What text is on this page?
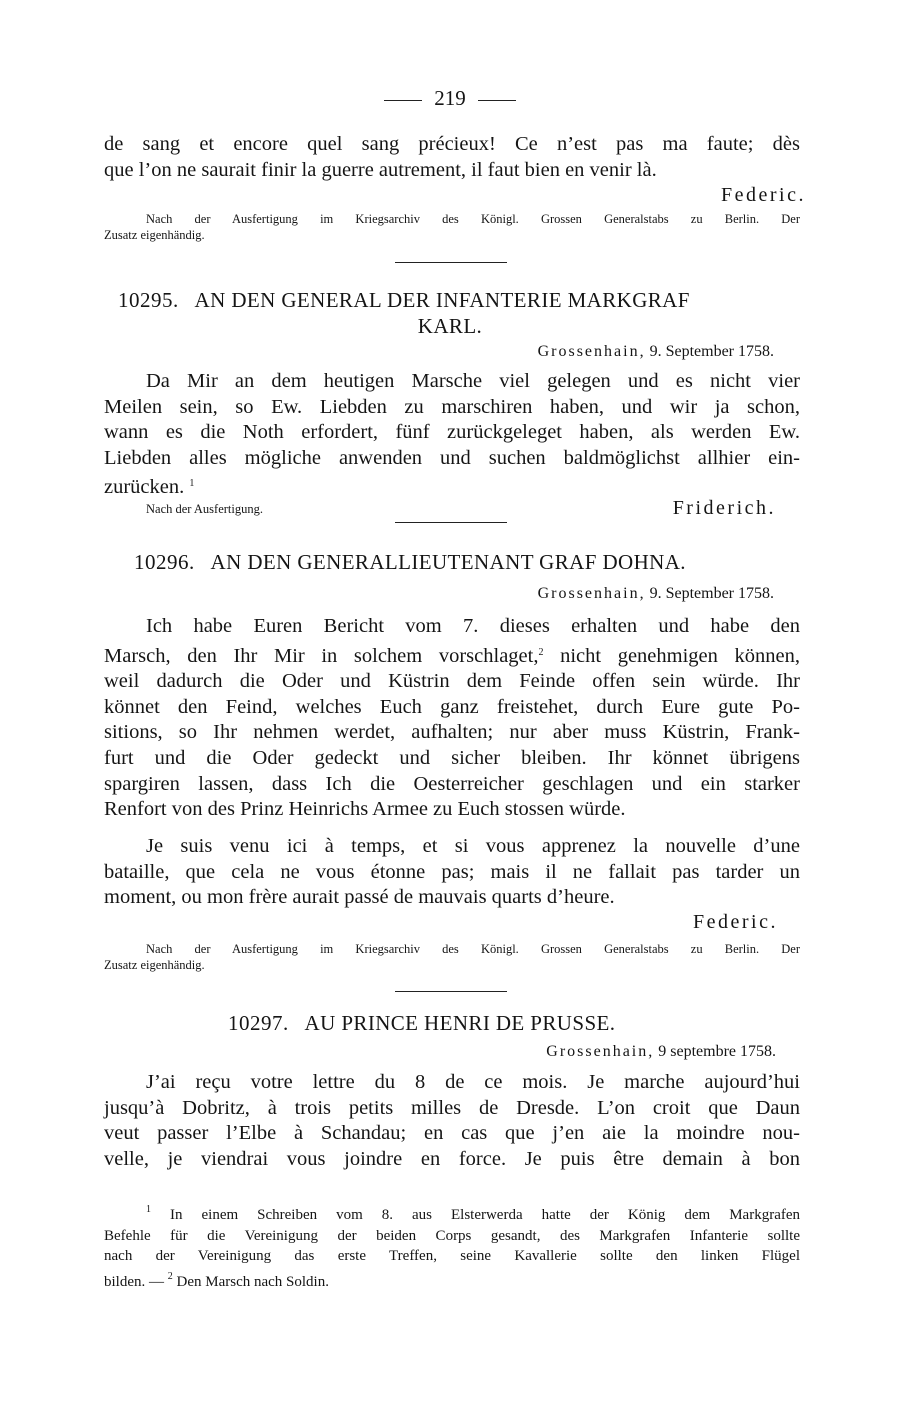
219
de sang et encore quel sang précieux! Ce n’est pas ma faute; dès
que l’on ne saurait finir la guerre autrement, il faut bien en venir là.
Federic.
Nach der Ausfertigung im Kriegsarchiv des Königl. Grossen Generalstabs zu Berlin. Der
Zusatz eigenhändig.
10295. AN DEN GENERAL DER INFANTERIE MARKGRAF
KARL.
Grossenhain, 9. September 1758.
Da Mir an dem heutigen Marsche viel gelegen und es nicht vier
Meilen sein, so Ew. Liebden zu marschiren haben, und wir ja schon,
wann es die Noth erfordert, fünf zurückgeleget haben, als werden Ew.
Liebden alles mögliche anwenden und suchen baldmöglichst allhier ein-
zurücken. $^1$
Nach der Ausfertigung.	Friderich.
10296. AN DEN GENERALLIEUTENANT GRAF DOHNA.
Grossenhain, 9. September 1758.
Ich habe Euren Bericht vom 7. dieses erhalten und habe den
Marsch, den Ihr Mir in solchem vorschlaget,$^2$ nicht genehmigen können,
weil dadurch die Oder und Küstrin dem Feinde offen sein würde. Ihr
könnet den Feind, welches Euch ganz freistehet, durch Eure gute Po-
sitions, so Ihr nehmen werdet, aufhalten; nur aber muss Küstrin, Frank-
furt und die Oder gedeckt und sicher bleiben. Ihr könnet übrigens
spargiren lassen, dass Ich die Oesterreicher geschlagen und ein starker
Renfort von des Prinz Heinrichs Armee zu Euch stossen würde.
Je suis venu ici à temps, et si vous apprenez la nouvelle d’une
bataille, que cela ne vous étonne pas; mais il ne fallait pas tarder un
moment, ou mon frère aurait passé de mauvais quarts d’heure.
Federic.
Nach der Ausfertigung im Kriegsarchiv des Königl. Grossen Generalstabs zu Berlin. Der
Zusatz eigenhändig.
10297. AU PRINCE HENRI DE PRUSSE.
Grossenhain, 9 septembre 1758.
J’ai reçu votre lettre du 8 de ce mois. Je marche aujourd’hui
jusqu’à Dobritz, à trois petits milles de Dresde. L’on croit que Daun
veut passer l’Elbe à Schandau; en cas que j’en aie la moindre nou-
velle, je viendrai vous joindre en force. Je puis être demain à bon
$^1$ In einem Schreiben vom 8. aus Elsterwerda hatte der König dem Markgrafen
Befehle für die Vereinigung der beiden Corps gesandt, des Markgrafen Infanterie sollte
nach der Vereinigung das erste Treffen, seine Kavallerie sollte den linken Flügel
bilden. — $^2$ Den Marsch nach Soldin.
